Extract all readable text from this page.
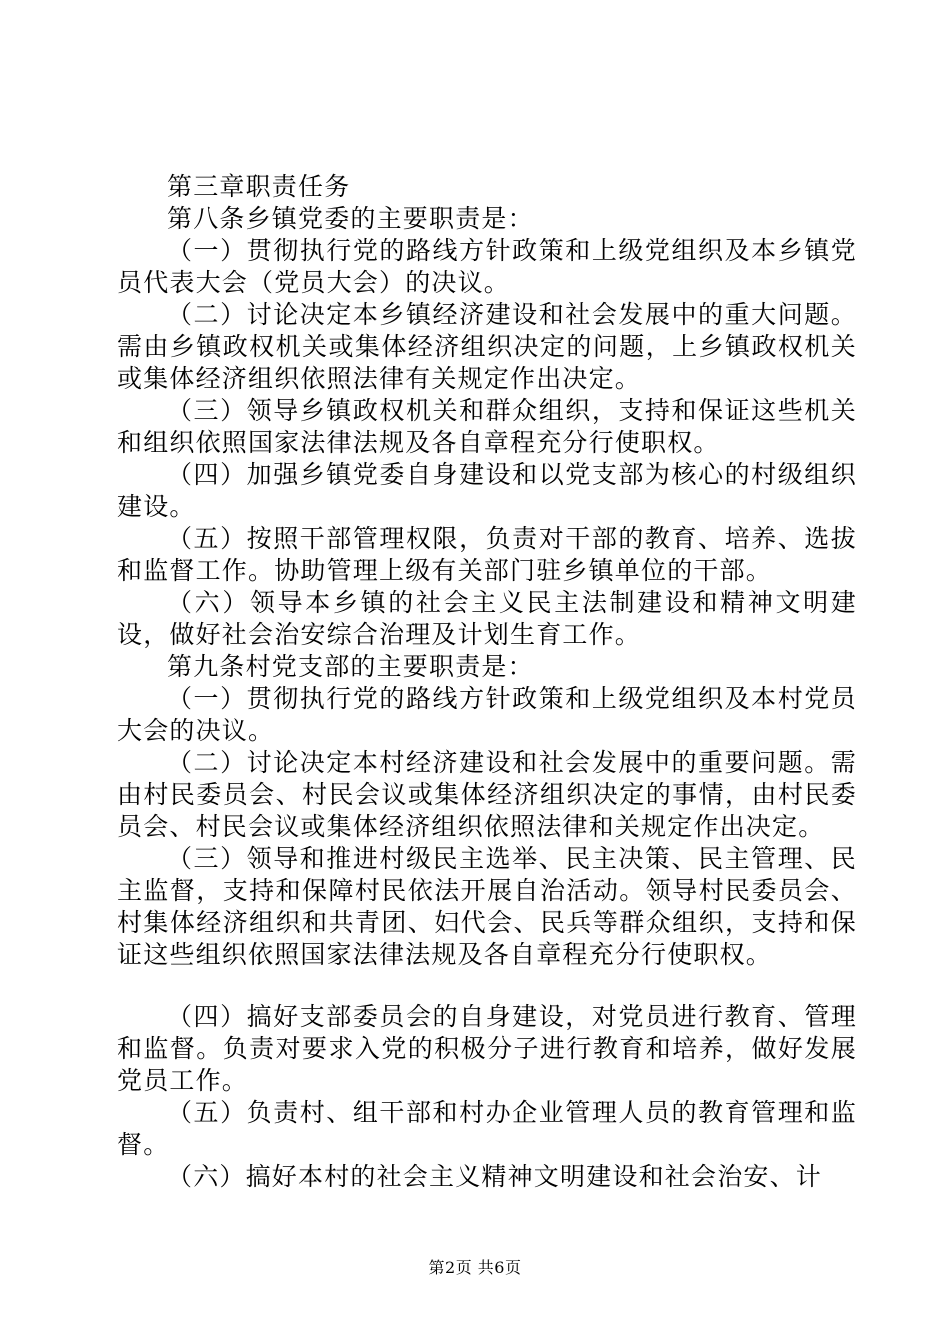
第三章职责任务

第八条乡镇党委的主要职责是：

（一）贯彻执行党的路线方针政策和上级党组织及本乡镇党员代表大会（党员大会）的决议。

（二）讨论决定本乡镇经济建设和社会发展中的重大问题。需由乡镇政权机关或集体经济组织决定的问题，上乡镇政权机关或集体经济组织依照法律有关规定作出决定。

（三）领导乡镇政权机关和群众组织，支持和保证这些机关和组织依照国家法律法规及各自章程充分行使职权。

（四）加强乡镇党委自身建设和以党支部为核心的村级组织建设。

（五）按照干部管理权限，负责对干部的教育、培养、选拔和监督工作。协助管理上级有关部门驻乡镇单位的干部。

（六）领导本乡镇的社会主义民主法制建设和精神文明建设，做好社会治安综合治理及计划生育工作。

第九条村党支部的主要职责是：

（一）贯彻执行党的路线方针政策和上级党组织及本村党员大会的决议。

（二）讨论决定本村经济建设和社会发展中的重要问题。需由村民委员会、村民会议或集体经济组织决定的事情，由村民委员会、村民会议或集体经济组织依照法律和关规定作出决定。

（三）领导和推进村级民主选举、民主决策、民主管理、民主监督，支持和保障村民依法开展自治活动。领导村民委员会、村集体经济组织和共青团、妇代会、民兵等群众组织，支持和保证这些组织依照国家法律法规及各自章程充分行使职权。

（四）搞好支部委员会的自身建设，对党员进行教育、管理和监督。负责对要求入党的积极分子进行教育和培养，做好发展党员工作。

（五）负责村、组干部和村办企业管理人员的教育管理和监督。

（六）搞好本村的社会主义精神文明建设和社会治安、计

第2页 共6页
